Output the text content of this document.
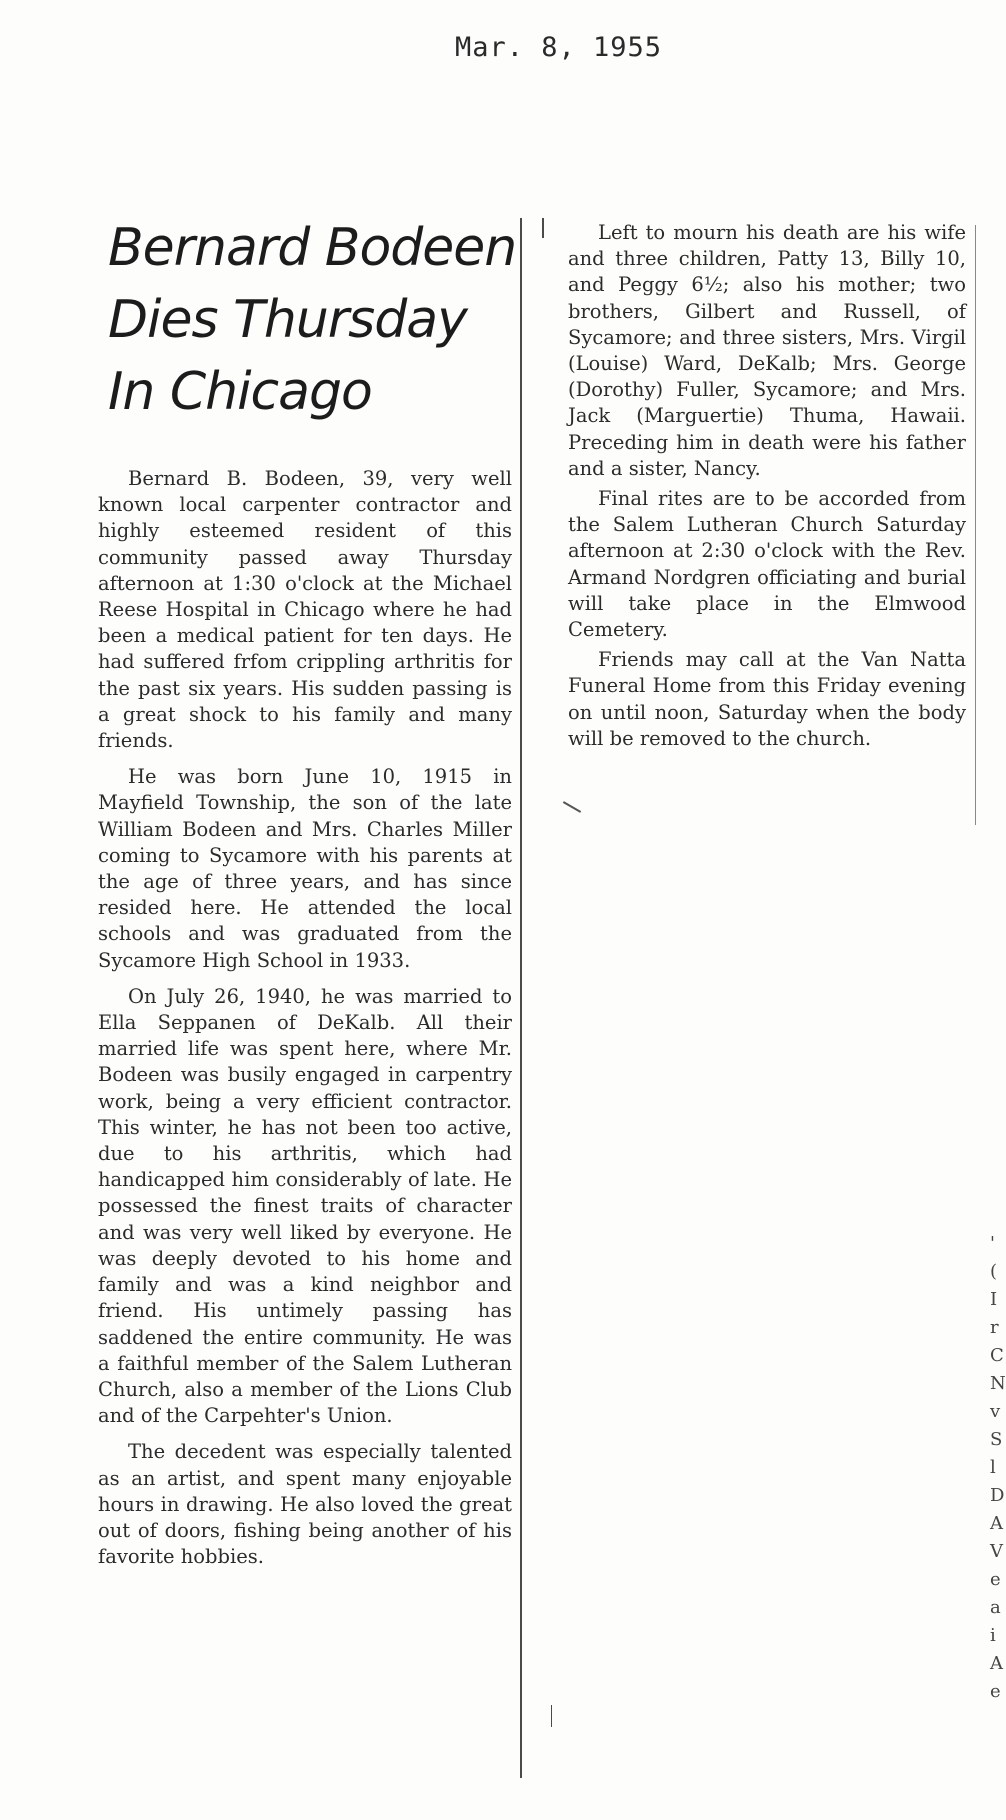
Mar. 8, 1955
Bernard Bodeen
Dies Thursday
In Chicago

Bernard B. Bodeen, 39, very well known local carpenter contractor and highly esteemed resident of this community passed away Thursday afternoon at 1:30 o'clock at the Michael Reese Hospital in Chicago where he had been a medical patient for ten days. He had suffered frfom crippling arthritis for the past six years. His sudden passing is a great shock to his family and many friends.

He was born June 10, 1915 in Mayfield Township, the son of the late William Bodeen and Mrs. Charles Miller coming to Sycamore with his parents at the age of three years, and has since resided here. He attended the local schools and was graduated from the Sycamore High School in 1933.

On July 26, 1940, he was married to Ella Seppanen of DeKalb. All their married life was spent here, where Mr. Bodeen was busily engaged in carpentry work, being a very efficient contractor. This winter, he has not been too active, due to his arthritis, which had handicapped him considerably of late. He possessed the finest traits of character and was very well liked by everyone. He was deeply devoted to his home and family and was a kind neighbor and friend. His untimely passing has saddened the entire community. He was a faithful member of the Salem Lutheran Church, also a member of the Lions Club and of the Carpehter's Union.

The decedent was especially talented as an artist, and spent many enjoyable hours in drawing. He also loved the great out of doors, fishing being another of his favorite hobbies.

Left to mourn his death are his wife and three children, Patty 13, Billy 10, and Peggy 6½; also his mother; two brothers, Gilbert and Russell, of Sycamore; and three sisters, Mrs. Virgil (Louise) Ward, DeKalb; Mrs. George (Dorothy) Fuller, Sycamore; and Mrs. Jack (Marguertie) Thuma, Hawaii. Preceding him in death were his father and a sister, Nancy.

Final rites are to be accorded from the Salem Lutheran Church Saturday afternoon at 2:30 o'clock with the Rev. Armand Nordgren officiating and burial will take place in the Elmwood Cemetery.

Friends may call at the Van Natta Funeral Home from this Friday evening on until noon, Saturday when the body will be removed to the church.

'
(
I
r
C
N
v
S
l
D
A
V
e
a
i
A
e
